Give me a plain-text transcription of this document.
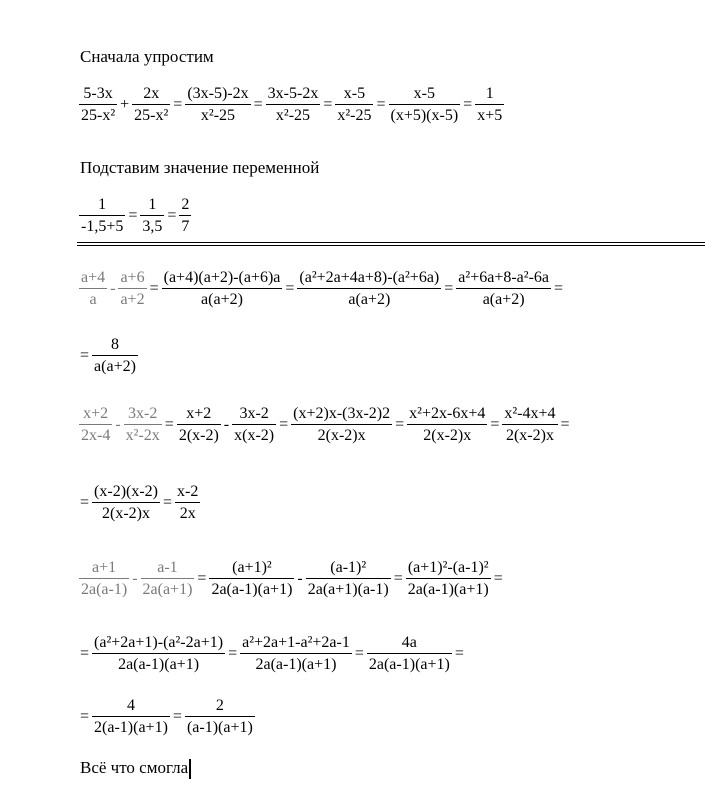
Сначала упростим
$\frac{5-3x}{\text{25-x²}} + \frac{2x}{\text{25-x²}} = \frac{(3x-5)-2x}{\text{x²-25}} = \frac{3x-5-2x}{\text{x²-25}} = \frac{x-5}{\text{x²-25}} = \frac{x-5}{(x+5)(x-5)} = \frac{1}{x+5}$
Подставим значение переменной
$\frac{1}{-1,5+5} = \frac{1}{3,5} = \frac{2}{7}$
$\frac{a+4}{a} - \frac{a+6}{a+2} = \frac{(a+4)(a+2)-(a+6)a}{a(a+2)} = \frac{\text{(a²+2a+4a+8)-(a²+6a)}}{a(a+2)} = \frac{\text{a²+6a+8-a²-6a}}{a(a+2)}$ =
= $\frac{8}{a(a+2)}$
$\frac{x+2}{2x-4} - \frac{3x-2}{\text{x²-2x}} = \frac{x+2}{2(x-2)} - \frac{3x-2}{x(x-2)} = \frac{(x+2)x-(3x-2)2}{2(x-2)x} = \frac{\text{x²+2x-6x+4}}{2(x-2)x} = \frac{\text{x²-4x+4}}{2(x-2)x}$ =
= $\frac{(x-2)(x-2)}{2(x-2)x} = \frac{x-2}{2x}$
$\frac{a+1}{2a(a-1)} - \frac{a-1}{2a(a+1)} = \frac{\text{(a+1)²}}{2a(a-1)(a+1)} - \frac{\text{(a-1)²}}{2a(a+1)(a-1)} = \frac{\text{(a+1)²-(a-1)²}}{2a(a-1)(a+1)}$ =
= $\frac{\text{(a²+2a+1)-(a²-2a+1)}}{2a(a-1)(a+1)} = \frac{\text{a²+2a+1-a²+2a-1}}{2a(a-1)(a+1)} = \frac{4a}{2a(a-1)(a+1)}$ =
= $\frac{4}{2(a-1)(a+1)} = \frac{2}{(a-1)(a+1)}$
Всё что смогла
